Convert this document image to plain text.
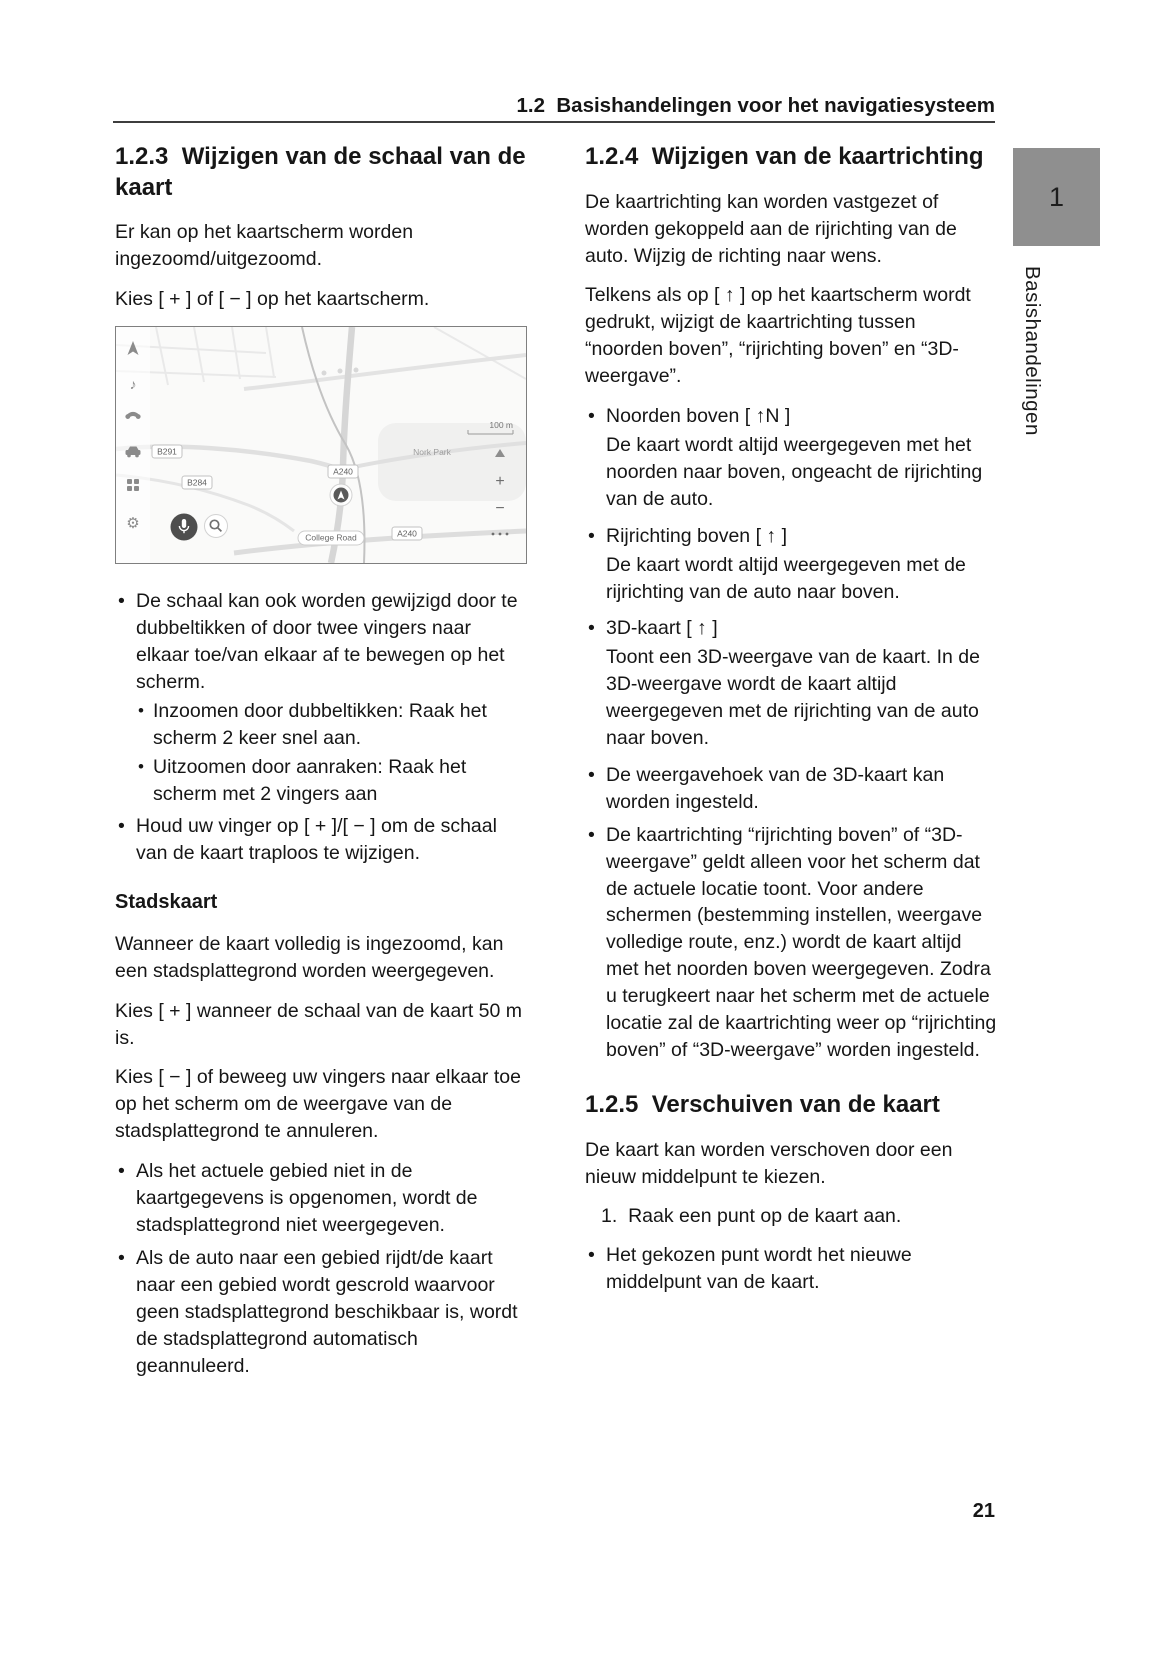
1.2  Basishandelingen voor het navigatiesysteem
1.2.3  Wijzigen van de schaal van de kaart

Er kan op het kaartscherm worden ingezoomd/uitgezoomd.

Kies [ + ] of [ − ] op het kaartscherm.

♪
⚙
100 m
+
−
B291
B284
A240
A240
College Road
Nork Park
• De schaal kan ook worden gewijzigd door te dubbeltikken of door twee vingers naar elkaar toe/van elkaar af te bewegen op het scherm.
• Inzoomen door dubbeltikken: Raak het scherm 2 keer snel aan.
• Uitzoomen door aanraken: Raak het scherm met 2 vingers aan
• Houd uw vinger op [ + ]/[ − ] om de schaal van de kaart traploos te wijzigen.
Stadskaart

Wanneer de kaart volledig is ingezoomd, kan een stadsplattegrond worden weergegeven.

Kies [ + ] wanneer de schaal van de kaart 50 m is.

Kies [ − ] of beweeg uw vingers naar elkaar toe op het scherm om de weergave van de stadsplattegrond te annuleren.

• Als het actuele gebied niet in de kaartgegevens is opgenomen, wordt de stadsplattegrond niet weergegeven.
• Als de auto naar een gebied rijdt/de kaart naar een gebied wordt gescrold waarvoor geen stadsplattegrond beschikbaar is, wordt de stadsplattegrond automatisch geannuleerd.
1.2.4  Wijzigen van de kaartrichting

De kaartrichting kan worden vastgezet of worden gekoppeld aan de rijrichting van de auto. Wijzig de richting naar wens.

Telkens als op [ ↑ ] op het kaartscherm wordt gedrukt, wijzigt de kaartrichting tussen “noorden boven”, “rijrichting boven” en “3D-weergave”.

• Noorden boven [ ↑N ]

De kaart wordt altijd weergegeven met het noorden naar boven, ongeacht de rijrichting van de auto.

• Rijrichting boven [ ↑ ]

De kaart wordt altijd weergegeven met de rijrichting van de auto naar boven.

• 3D-kaart [ ↑ ]

Toont een 3D-weergave van de kaart. In de 3D-weergave wordt de kaart altijd weergegeven met de rijrichting van de auto naar boven.

• De weergavehoek van de 3D-kaart kan worden ingesteld.
• De kaartrichting “rijrichting boven” of “3D-weergave” geldt alleen voor het scherm dat de actuele locatie toont. Voor andere schermen (bestemming instellen, weergave volledige route, enz.) wordt de kaart altijd met het noorden boven weergegeven. Zodra u terugkeert naar het scherm met de actuele locatie zal de kaartrichting weer op “rijrichting boven” of “3D-weergave” worden ingesteld.
1.2.5  Verschuiven van de kaart

De kaart kan worden verschoven door een nieuw middelpunt te kiezen.

1.  Raak een punt op de kaart aan.

• Het gekozen punt wordt het nieuwe middelpunt van de kaart.
1
Basishandelingen
21
